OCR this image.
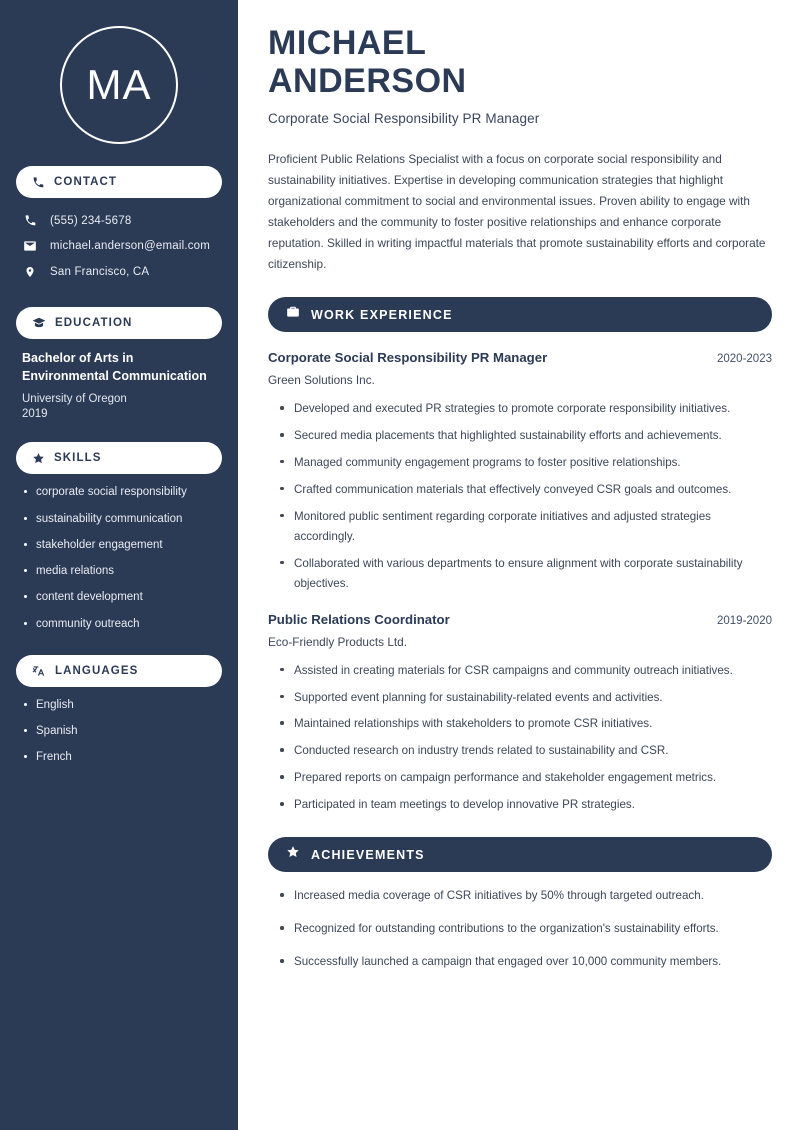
MA
CONTACT
(555) 234-5678
michael.anderson@email.com
San Francisco, CA
EDUCATION
Bachelor of Arts in Environmental Communication
University of Oregon
2019
SKILLS
corporate social responsibility
sustainability communication
stakeholder engagement
media relations
content development
community outreach
LANGUAGES
English
Spanish
French
MICHAEL
ANDERSON
Corporate Social Responsibility PR Manager
Proficient Public Relations Specialist with a focus on corporate social responsibility and sustainability initiatives. Expertise in developing communication strategies that highlight organizational commitment to social and environmental issues. Proven ability to engage with stakeholders and the community to foster positive relationships and enhance corporate reputation. Skilled in writing impactful materials that promote sustainability efforts and corporate citizenship.
WORK EXPERIENCE
Corporate Social Responsibility PR Manager	2020-2023
Green Solutions Inc.
Developed and executed PR strategies to promote corporate responsibility initiatives.
Secured media placements that highlighted sustainability efforts and achievements.
Managed community engagement programs to foster positive relationships.
Crafted communication materials that effectively conveyed CSR goals and outcomes.
Monitored public sentiment regarding corporate initiatives and adjusted strategies accordingly.
Collaborated with various departments to ensure alignment with corporate sustainability objectives.
Public Relations Coordinator	2019-2020
Eco-Friendly Products Ltd.
Assisted in creating materials for CSR campaigns and community outreach initiatives.
Supported event planning for sustainability-related events and activities.
Maintained relationships with stakeholders to promote CSR initiatives.
Conducted research on industry trends related to sustainability and CSR.
Prepared reports on campaign performance and stakeholder engagement metrics.
Participated in team meetings to develop innovative PR strategies.
ACHIEVEMENTS
Increased media coverage of CSR initiatives by 50% through targeted outreach.
Recognized for outstanding contributions to the organization's sustainability efforts.
Successfully launched a campaign that engaged over 10,000 community members.
